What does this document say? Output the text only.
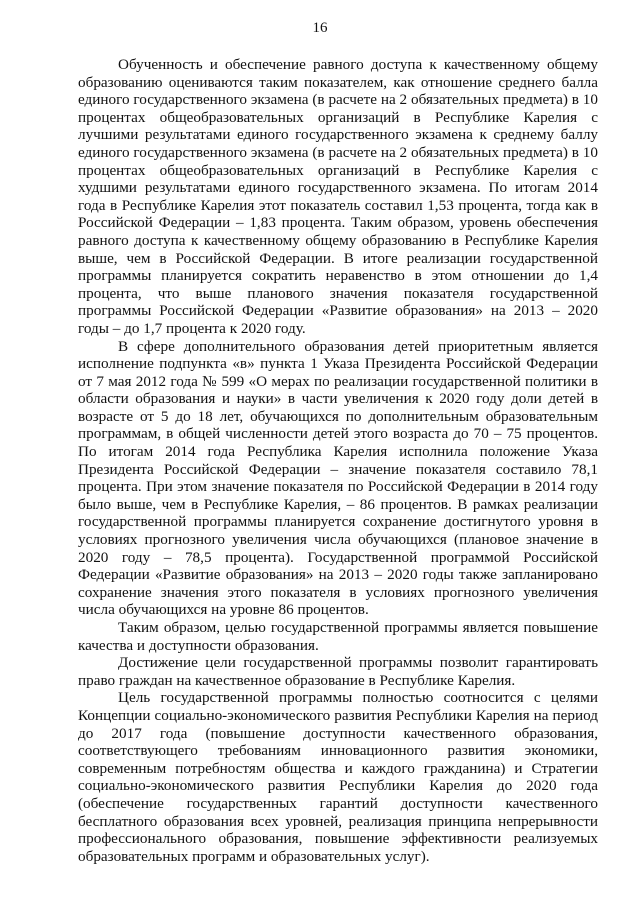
16

Обученность и обеспечение равного доступа к качественному общему образованию оцениваются таким показателем, как отношение среднего балла единого государственного экзамена (в расчете на 2 обязательных предмета) в 10 процентах общеобразовательных организаций в Республике Карелия с лучшими результатами единого государственного экзамена к среднему баллу единого государственного экзамена (в расчете на 2 обязательных предмета) в 10 процентах общеобразовательных организаций в Республике Карелия с худшими результатами единого государственного экзамена. По итогам 2014 года в Республике Карелия этот показатель составил 1,53 процента, тогда как в Российской Федерации – 1,83 процента. Таким образом, уровень обеспечения равного доступа к качественному общему образованию в Республике Карелия выше, чем в Российской Федерации. В итоге реализации государственной программы планируется сократить неравенство в этом отношении до 1,4 процента, что выше планового значения показателя государственной программы Российской Федерации «Развитие образования» на 2013 – 2020 годы – до 1,7 процента к 2020 году.

В сфере дополнительного образования детей приоритетным является исполнение подпункта «в» пункта 1 Указа Президента Российской Федерации от 7 мая 2012 года № 599 «О мерах по реализации государственной политики в области образования и науки» в части увеличения к 2020 году доли детей в возрасте от 5 до 18 лет, обучающихся по дополнительным образовательным программам, в общей численности детей этого возраста до 70 – 75 процентов. По итогам 2014 года Республика Карелия исполнила положение Указа Президента Российской Федерации – значение показателя составило 78,1 процента. При этом значение показателя по Российской Федерации в 2014 году было выше, чем в Республике Карелия, – 86 процентов. В рамках реализации государственной программы планируется сохранение достигнутого уровня в условиях прогнозного увеличения числа обучающихся (плановое значение в 2020 году – 78,5 процента). Государственной программой Российской Федерации «Развитие образования» на 2013 – 2020 годы также запланировано сохранение значения этого показателя в условиях прогнозного увеличения числа обучающихся на уровне 86 процентов.

Таким образом, целью государственной программы является повышение качества и доступности образования.

Достижение цели государственной программы позволит гарантировать право граждан на качественное образование в Республике Карелия.

Цель государственной программы полностью соотносится с целями Концепции социально-экономического развития Республики Карелия на период до 2017 года (повышение доступности качественного образования, соответствующего требованиям инновационного развития экономики, современным потребностям общества и каждого гражданина) и Стратегии социально-экономического развития Республики Карелия до 2020 года (обеспечение государственных гарантий доступности качественного бесплатного образования всех уровней, реализация принципа непрерывности профессионального образования, повышение эффективности реализуемых образовательных программ и образовательных услуг).
